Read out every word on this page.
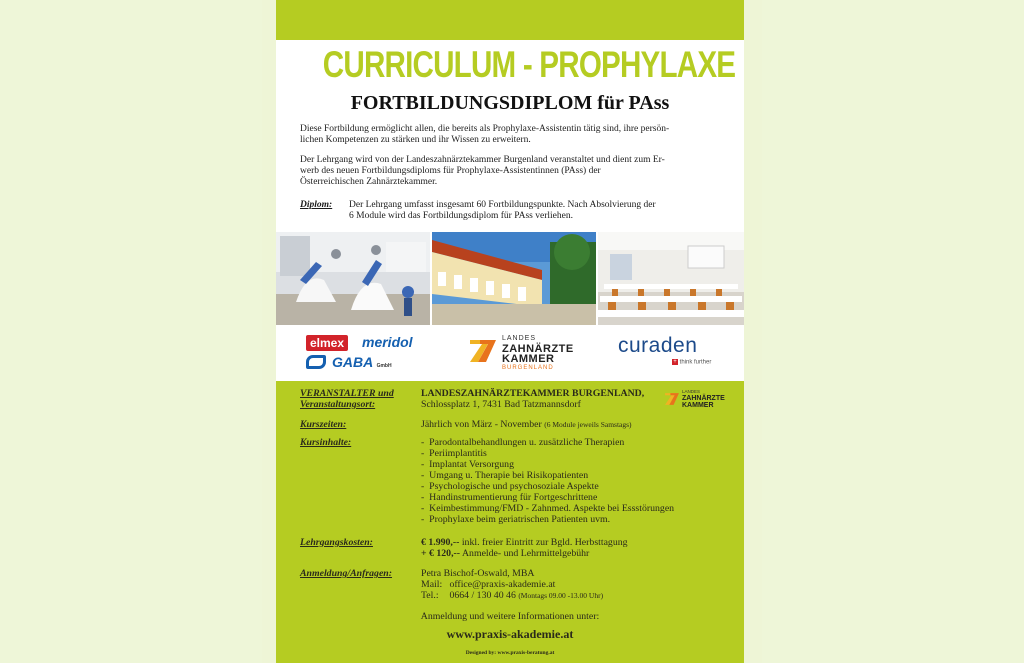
CURRICULUM - PROPHYLAXE
FORTBILDUNGSDIPLOM für PAss
Diese Fortbildung ermöglicht allen, die bereits als Prophylaxe-Assistentin tätig sind, ihre persön-
lichen Kompetenzen zu stärken und ihr Wissen zu erweitern.
Der Lehrgang wird von der Landeszahnärztekammer Burgenland veranstaltet und dient zum Er-
werb des neuen Fortbildungsdiploms für Prophylaxe-Assistentinnen (PAss) der
Österreichischen Zahnärztekammer.
Diplom: Der Lehrgang umfasst insgesamt 60 Fortbildungspunkte. Nach Absolvierung der
6 Module wird das Fortbildungsdiplom für PAss verliehen.
elmex meridol
GABA GmbH
LANDES
ZAHNÄRZTE
KAMMER
BURGENLAND
curaden
+ think further
VERANSTALTER und
Veranstaltungsort:
LANDESZAHNÄRZTEKAMMER BURGENLAND,
Schlossplatz 1, 7431 Bad Tatzmannsdorf
LANDES
ZAHNÄRZTE
KAMMER
Kurszeiten:	Jährlich von März - November (6 Module jeweils Samstags)
Kursinhalte:	-  Parodontalbehandlungen u. zusätzliche Therapien
-  Periimplantitis
-  Implantat Versorgung
-  Umgang u. Therapie bei Risikopatienten
-  Psychologische und psychosoziale Aspekte
-  Handinstrumentierung für Fortgeschrittene
-  Keimbestimmung/FMD - Zahnmed. Aspekte bei Essstörungen
-  Prophylaxe beim geriatrischen Patienten uvm.
Lehrgangskosten:	€ 1.990,-- inkl. freier Eintritt zur Bgld. Herbsttagung
+ € 120,-- Anmelde- und Lehrmittelgebühr
Anmeldung/Anfragen:	Petra Bischof-Oswald, MBA
Mail: office@praxis-akademie.at
Tel.: 0664 / 130 40 46 (Montags 09.00 -13.00 Uhr)
Anmeldung und weitere Informationen unter:
www.praxis-akademie.at
Designed by: www.praxis-beratung.at
